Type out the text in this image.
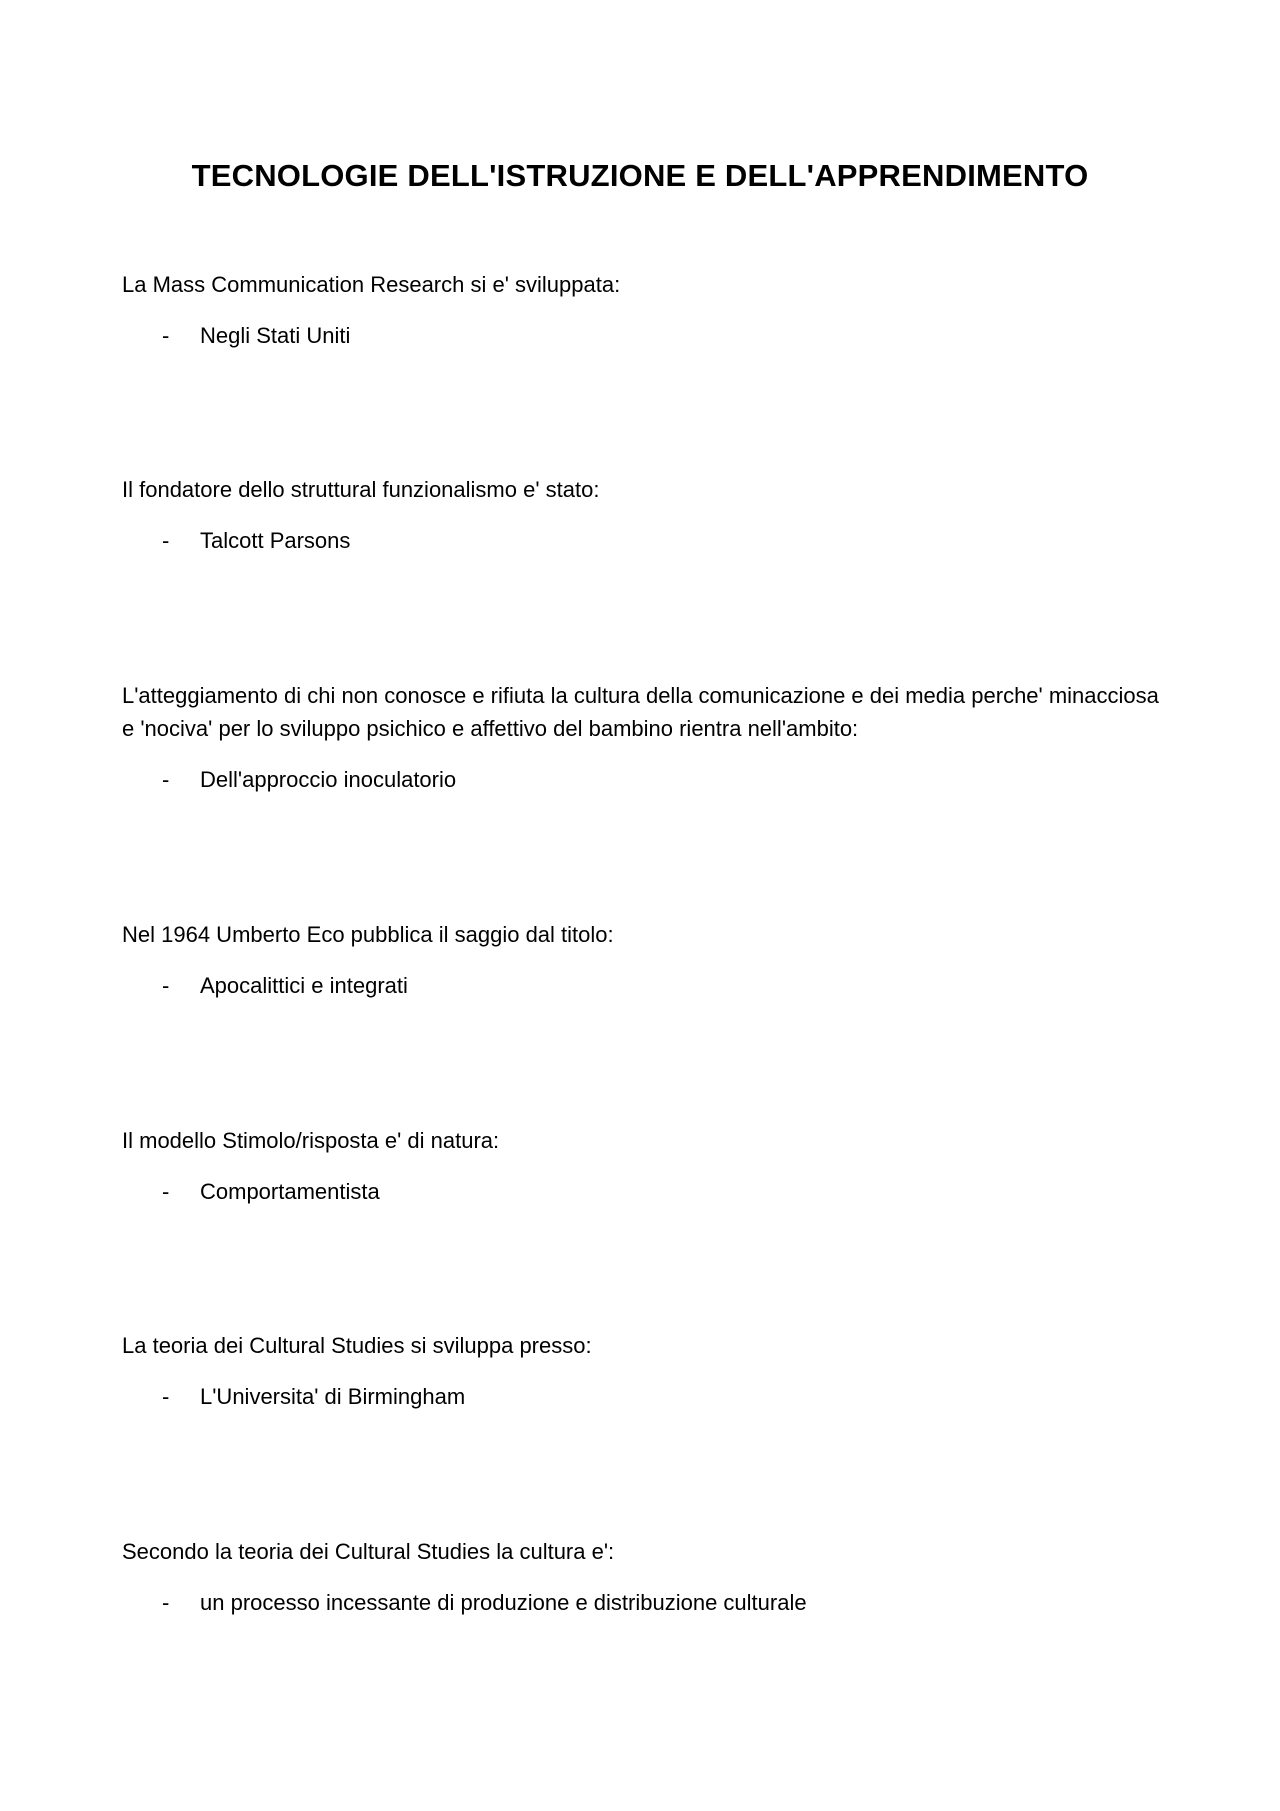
TECNOLOGIE DELL'ISTRUZIONE E DELL'APPRENDIMENTO

La Mass Communication Research si e' sviluppata:

- Negli Stati Uniti

Il fondatore dello struttural funzionalismo e' stato:

- Talcott Parsons

L'atteggiamento di chi non conosce e rifiuta la cultura della comunicazione e dei media perche' minacciosa e 'nociva' per lo sviluppo psichico e affettivo del bambino rientra nell'ambito:

- Dell'approccio inoculatorio

Nel 1964 Umberto Eco pubblica il saggio dal titolo:

- Apocalittici e integrati

Il modello Stimolo/risposta e' di natura:

- Comportamentista

La teoria dei Cultural Studies si sviluppa presso:

- L'Universita' di Birmingham

Secondo la teoria dei Cultural Studies la cultura e':

- un processo incessante di produzione e distribuzione culturale
